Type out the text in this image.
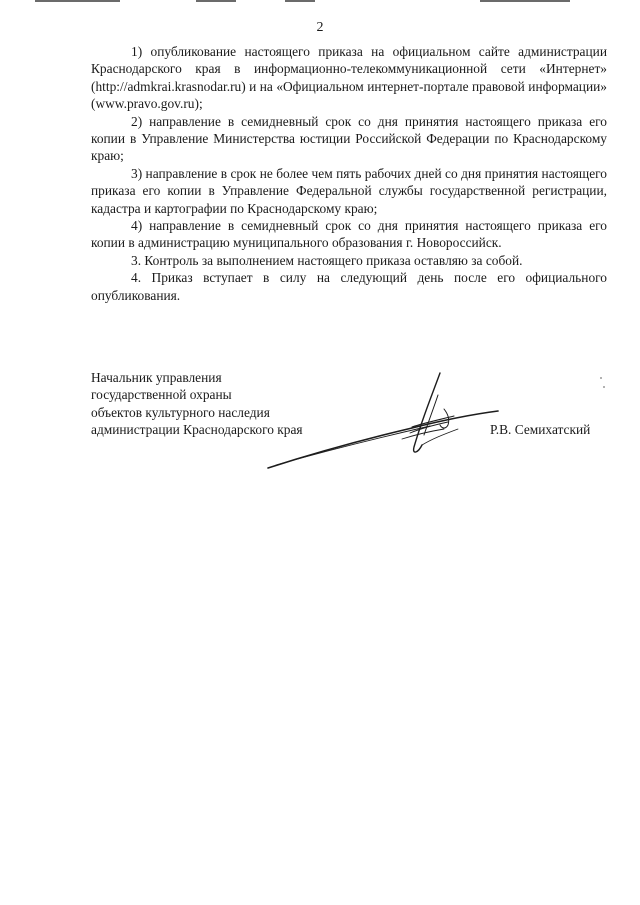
2

1) опубликование настоящего приказа на официальном сайте администрации Краснодарского края в информационно-телекоммуникационной сети «Интернет» (http://admkrai.krasnodar.ru) и на «Официальном интернет-портале правовой информации» (www.pravo.gov.ru);

2) направление в семидневный срок со дня принятия настоящего приказа его копии в Управление Министерства юстиции Российской Федерации по Краснодарскому краю;

3) направление в срок не более чем пять рабочих дней со дня принятия настоящего приказа его копии в Управление Федеральной службы государственной регистрации, кадастра и картографии по Краснодарскому краю;

4) направление в семидневный срок со дня принятия настоящего приказа его копии в администрацию муниципального образования г. Новороссийск.

3. Контроль за выполнением настоящего приказа оставляю за собой.

4. Приказ вступает в силу на следующий день после его официального опубликования.

Начальник управления
государственной охраны
объектов культурного наследия
администрации Краснодарского края	Р.В. Семихатский
